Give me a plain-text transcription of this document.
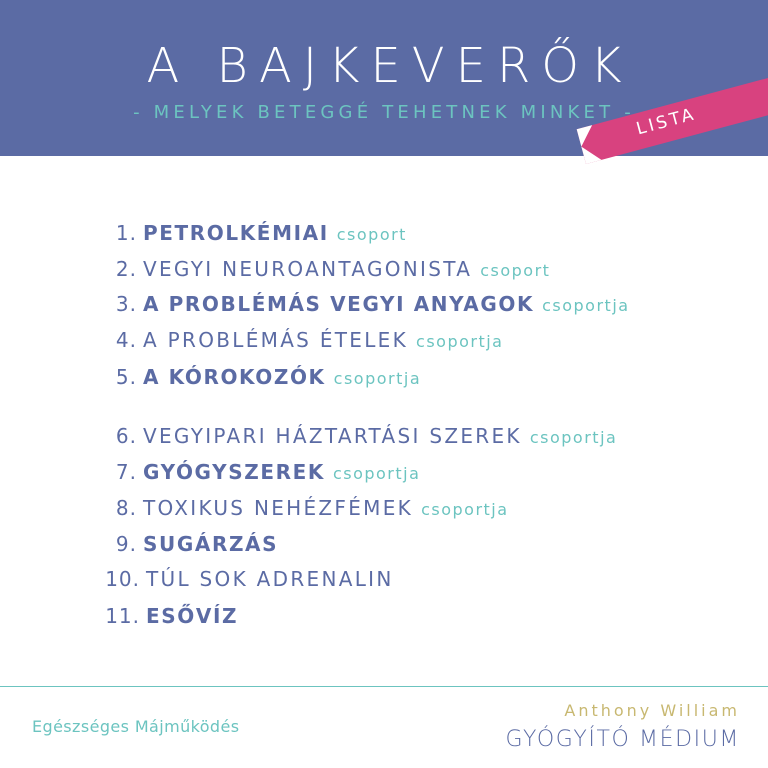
A BAJKEVERŐK
- MELYEK BETEGGÉ TEHETNEK MINKET - LISTA
1. PETROLKÉMIAI csoport
2. VEGYI NEUROANTAGONISTA csoport
3. A PROBLÉMÁS VEGYI ANYAGOK csoportja
4. A PROBLÉMÁS ÉTELEK csoportja
5. A KÓROKOZÓK csoportja
6. VEGYIPARI HÁZTARTÁSI SZEREK csoportja
7. GYÓGYSZEREK csoportja
8. TOXIKUS NEHÉZFÉMEK csoportja
9. SUGÁRZÁS
10. TÚL SOK ADRENALIN
11. ESŐVÍZ
Egészséges Májműködés
Anthony William
GYÓGYÍTÓ MÉDIUM
